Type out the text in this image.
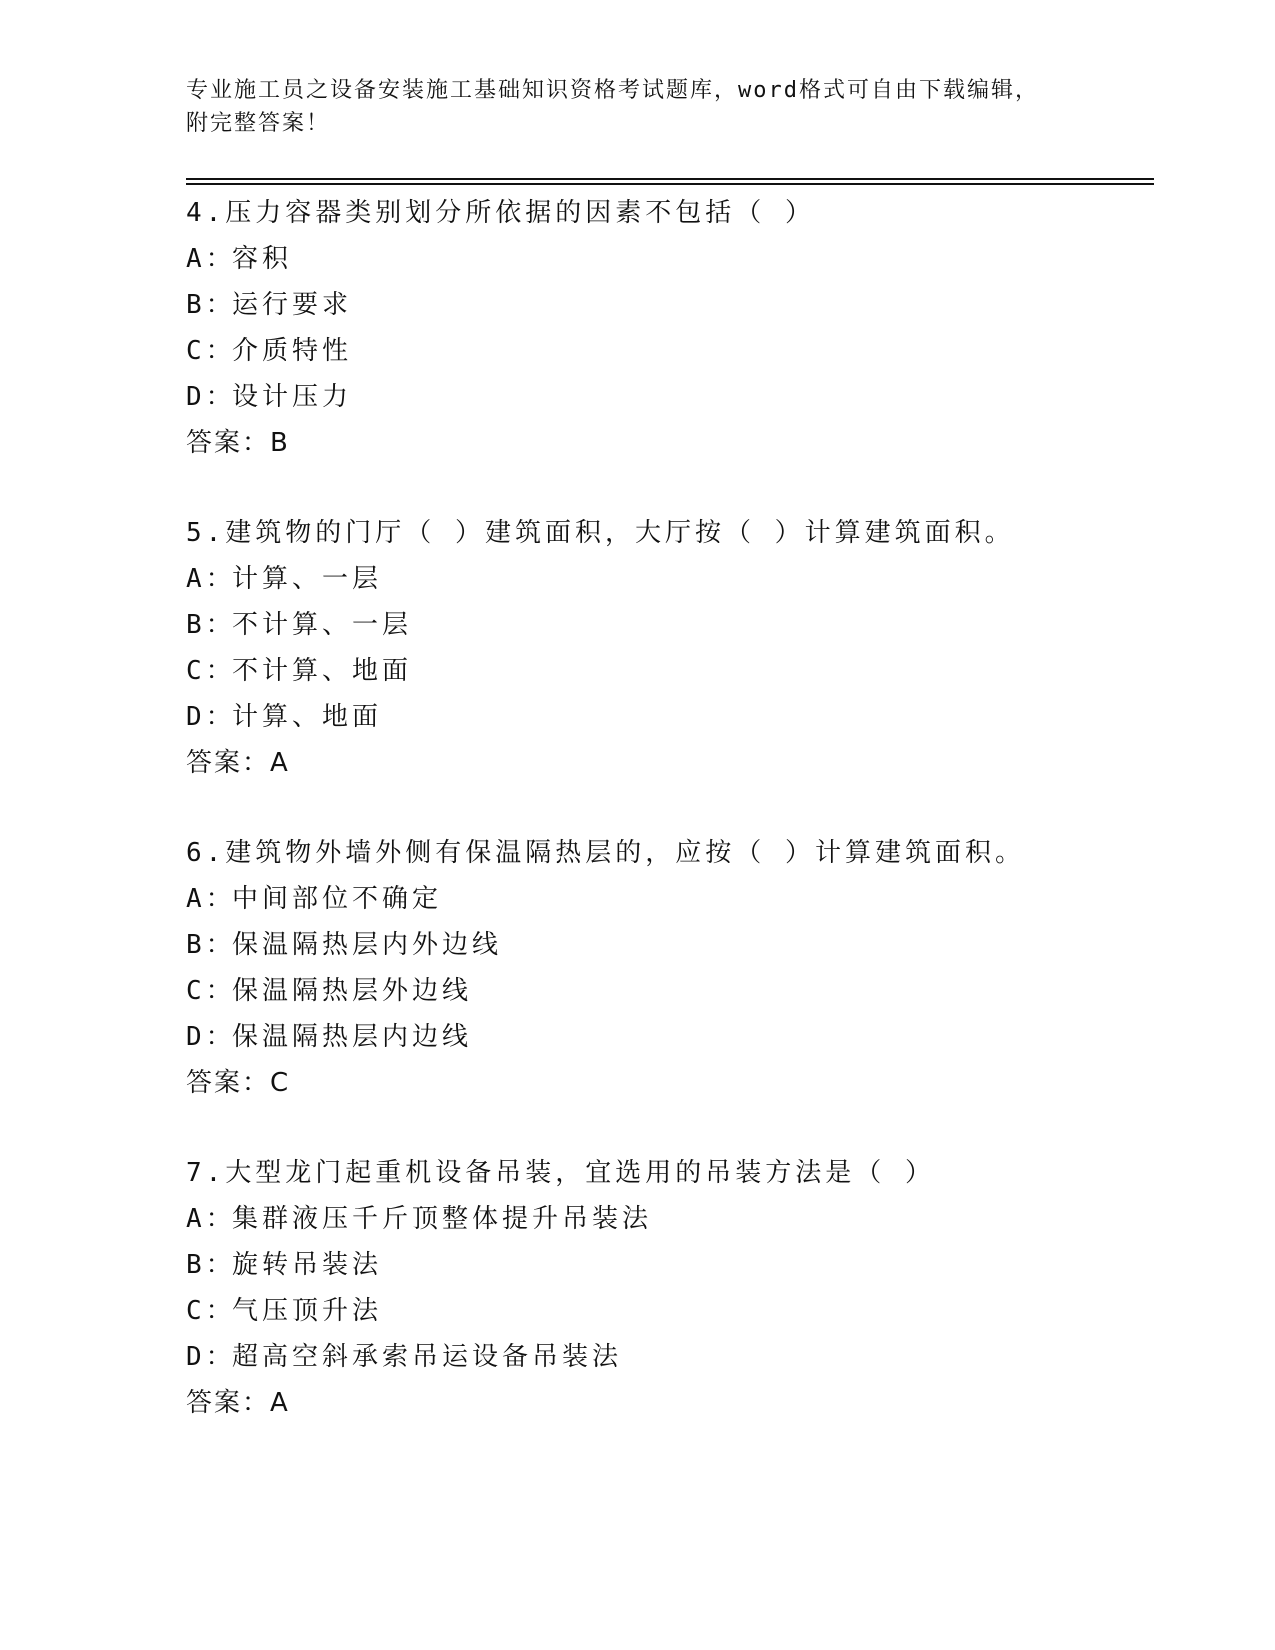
专业施工员之设备安装施工基础知识资格考试题库，word格式可自由下载编辑，
附完整答案！
4.压力容器类别划分所依据的因素不包括（ ）
A：容积
B：运行要求
C：介质特性
D：设计压力
答案：B
5.建筑物的门厅（ ）建筑面积，大厅按（ ）计算建筑面积。
A：计算、一层
B：不计算、一层
C：不计算、地面
D：计算、地面
答案：A
6.建筑物外墙外侧有保温隔热层的，应按（ ）计算建筑面积。
A：中间部位不确定
B：保温隔热层内外边线
C：保温隔热层外边线
D：保温隔热层内边线
答案：C
7.大型龙门起重机设备吊装，宜选用的吊装方法是（ ）
A：集群液压千斤顶整体提升吊装法
B：旋转吊装法
C：气压顶升法
D：超高空斜承索吊运设备吊装法
答案：A
